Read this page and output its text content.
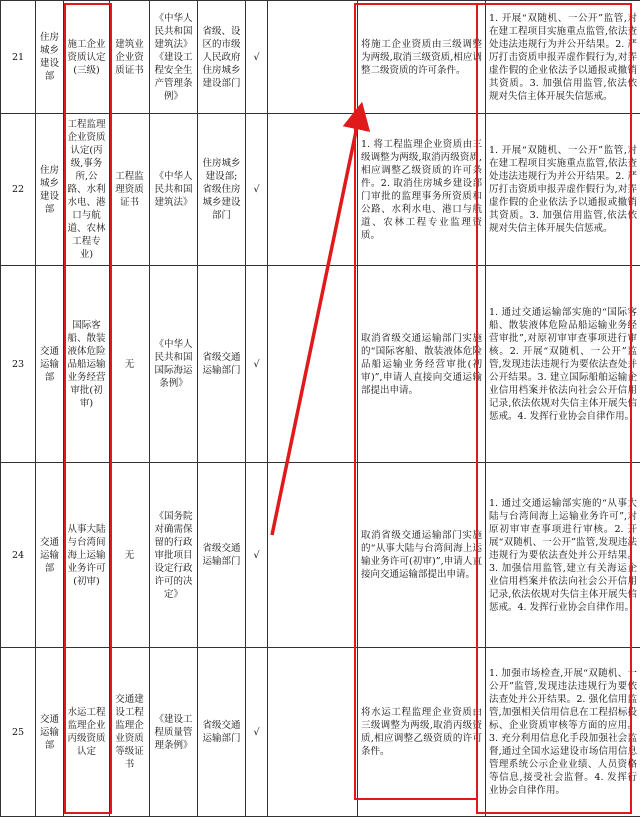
21	住房城乡建设部	施工企业资质认定(三级)	建筑业企业资质证书	《中华人民共和国建筑法》《建设工程安全生产管理条例》	省级、设区的市级人民政府住房城乡建设部门	√		将施工企业资质由三级调整为两级,取消三级资质,相应调整二级资质的许可条件。	1. 开展“双随机、一公开”监管,对在建工程项目实施重点监管,依法查处违法违规行为并公开结果。2. 严厉打击资质申报弄虚作假行为,对弄虚作假的企业依法予以通报或撤销其资质。3. 加强信用监管,依法依规对失信主体开展失信惩戒。
22	住房城乡建设部	工程监理企业资质认定(丙级,事务所,公路、水利水电、港口与航道、农林工程专业)	工程监理资质证书	《中华人民共和国建筑法》	住房城乡建设部;省级住房城乡建设部门	√		1. 将工程监理企业资质由三级调整为两级,取消丙级资质,相应调整乙级资质的许可条件。2. 取消住房城乡建设部门审批的监理事务所资质和公路、水利水电、港口与航道、农林工程专业监理资质。	1. 开展“双随机、一公开”监管,对在建工程项目实施重点监管,依法查处违法违规行为并公开结果。2. 严厉打击资质申报弄虚作假行为,对弄虚作假的企业依法予以通报或撤销其资质。3. 加强信用监管,依法依规对失信主体开展失信惩戒。
23	交通运输部	国际客船、散装液体危险品船运输业务经营审批(初审)	无	《中华人民共和国国际海运条例》	省级交通运输部门	√		取消省级交通运输部门实施的“国际客船、散装液体危险品船运输业务经营审批(初审)”,申请人直接向交通运输部提出申请。	1. 通过交通运输部实施的“国际客船、散装液体危险品船运输业务经营审批”,对原初审审查事项进行审核。2. 开展“双随机、一公开”监管,发现违法违规行为要依法查处并公开结果。3. 建立国际船舶运输企业信用档案并依法向社会公开信用记录,依法依规对失信主体开展失信惩戒。4. 发挥行业协会自律作用。
24	交通运输部	从事大陆与台湾间海上运输业务许可(初审)	无	《国务院对确需保留的行政审批项目设定行政许可的决定》	省级交通运输部门	√		取消省级交通运输部门实施的“从事大陆与台湾间海上运输业务许可(初审)”,申请人直接向交通运输部提出申请。	1. 通过交通运输部实施的“从事大陆与台湾间海上运输业务许可”,对原初审审查事项进行审核。2. 开展“双随机、一公开”监管,发现违法违规行为要依法查处并公开结果。3. 加强信用监管,建立有关海运企业信用档案并依法向社会公开信用记录,依法依规对失信主体开展失信惩戒。4. 发挥行业协会自律作用。
25	交通运输部	水运工程监理企业丙级资质认定	交通建设工程监理企业资质等级证书	《建设工程质量管理条例》	省级交通运输部门	√		将水运工程监理企业资质由三级调整为两级,取消丙级资质,相应调整乙级资质的许可条件。	1. 加强市场检查,开展“双随机、一公开”监管,发现违法违规行为要依法查处并公开结果。2. 强化信用监管,加强相关信用信息在工程招标投标、企业资质审核等方面的应用。3. 充分利用信息化手段加强社会监督,通过全国水运建设市场信用信息管理系统公示企业业绩、人员资格等信息,接受社会监督。4. 发挥行业协会自律作用。
